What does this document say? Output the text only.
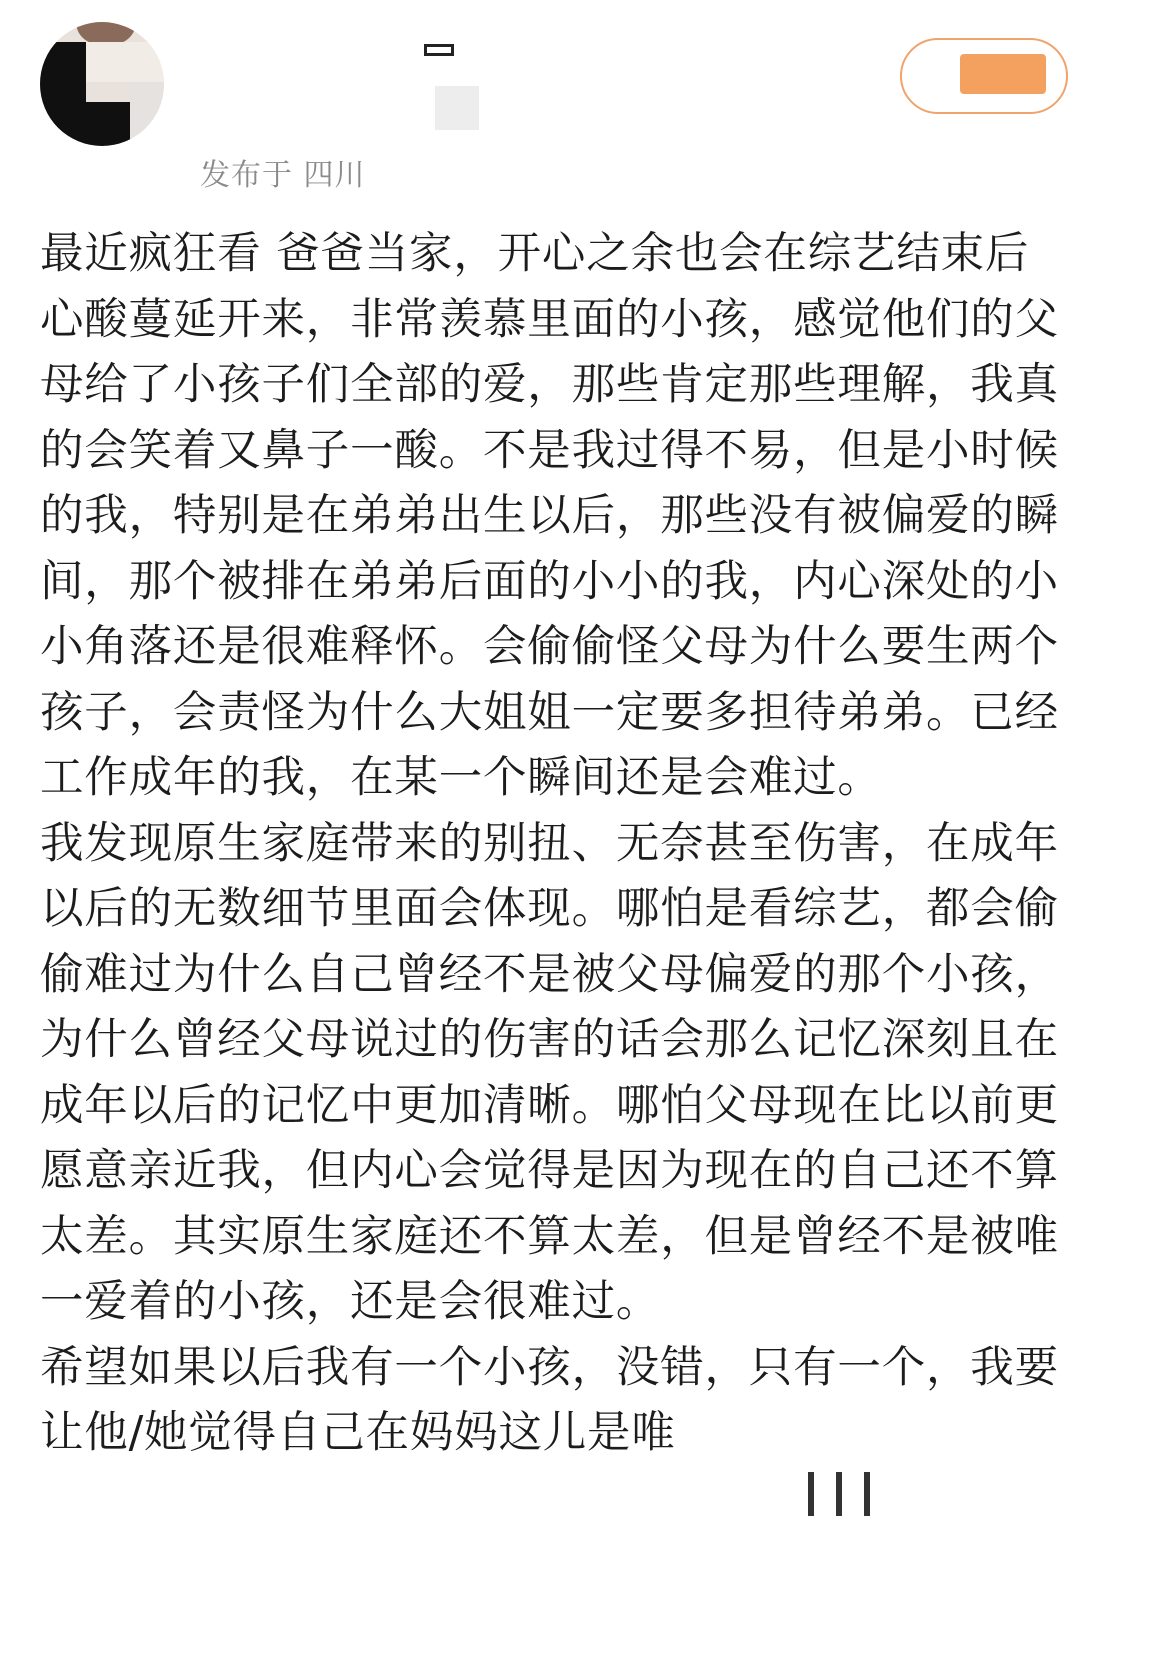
发布于 四川

最近疯狂看 爸爸当家，开心之余也会在综艺结束后心酸蔓延开来，非常羡慕里面的小孩，感觉他们的父母给了小孩子们全部的爱，那些肯定那些理解，我真的会笑着又鼻子一酸。不是我过得不易，但是小时候的我，特别是在弟弟出生以后，那些没有被偏爱的瞬间，那个被排在弟弟后面的小小的我，内心深处的小小角落还是很难释怀。会偷偷怪父母为什么要生两个孩子，会责怪为什么大姐姐一定要多担待弟弟。已经工作成年的我，在某一个瞬间还是会难过。

我发现原生家庭带来的别扭、无奈甚至伤害，在成年以后的无数细节里面会体现。哪怕是看综艺，都会偷偷难过为什么自己曾经不是被父母偏爱的那个小孩，为什么曾经父母说过的伤害的话会那么记忆深刻且在成年以后的记忆中更加清晰。哪怕父母现在比以前更愿意亲近我，但内心会觉得是因为现在的自己还不算太差。其实原生家庭还不算太差，但是曾经不是被唯一爱着的小孩，还是会很难过。

希望如果以后我有一个小孩，没错，只有一个，我要让他/她觉得自己在妈妈这儿是唯
